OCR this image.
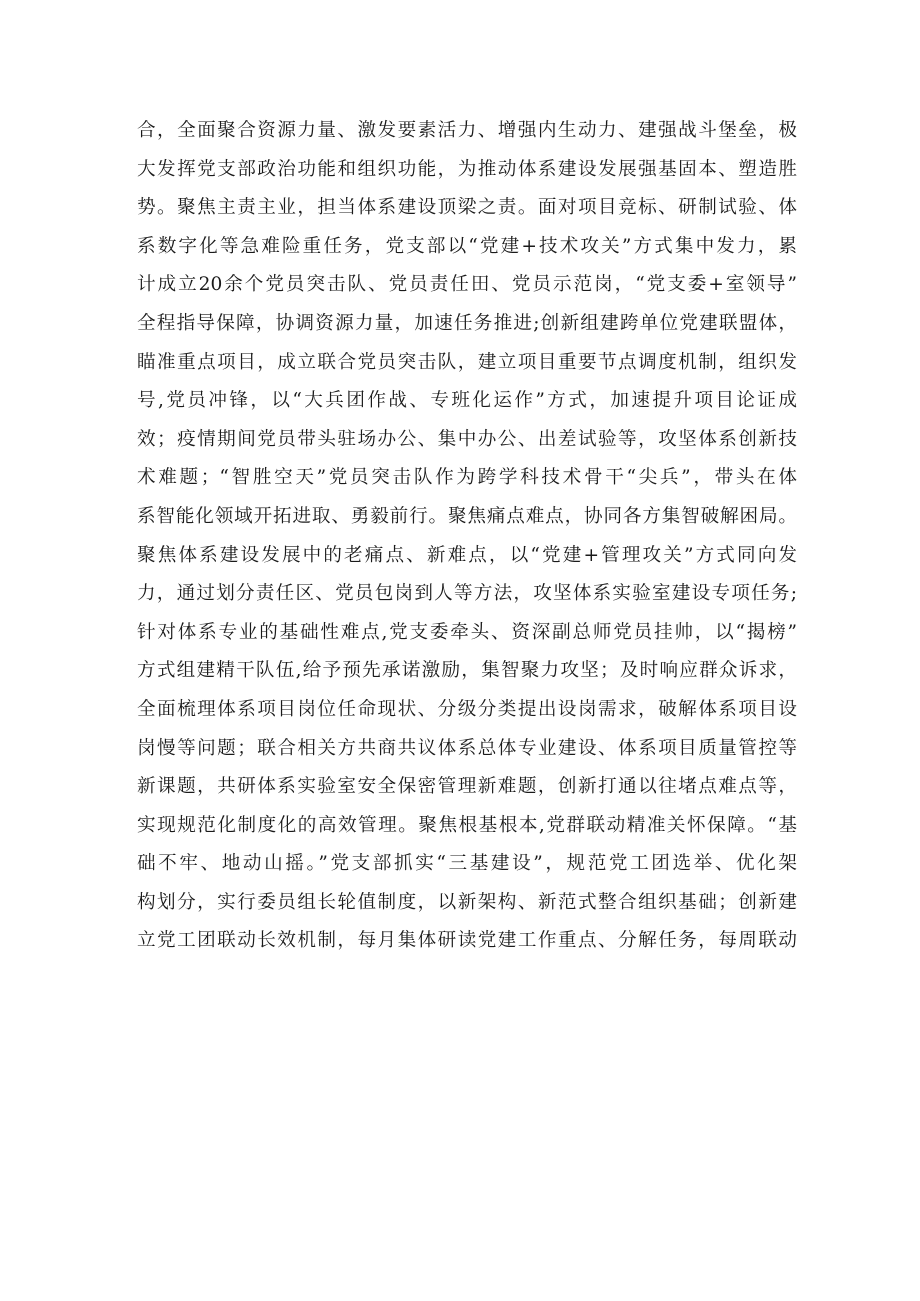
合，全面聚合资源力量、激发要素活力、增强内生动力、建强战斗堡垒，极
大发挥党支部政治功能和组织功能，为推动体系建设发展强基固本、塑造胜
势。聚焦主责主业，担当体系建设顶梁之责。面对项目竞标、研制试验、体
系数字化等急难险重任务，党支部以“党建+技术攻关”方式集中发力，累
计成立20余个党员突击队、党员责任田、党员示范岗，“党支委+室领导”
全程指导保障，协调资源力量，加速任务推进;创新组建跨单位党建联盟体，
瞄准重点项目，成立联合党员突击队，建立项目重要节点调度机制，组织发
号,党员冲锋，以“大兵团作战、专班化运作”方式，加速提升项目论证成
效；疫情期间党员带头驻场办公、集中办公、出差试验等，攻坚体系创新技
术难题；“智胜空天”党员突击队作为跨学科技术骨干“尖兵”，带头在体
系智能化领域开拓进取、勇毅前行。聚焦痛点难点，协同各方集智破解困局。
聚焦体系建设发展中的老痛点、新难点，以“党建+管理攻关”方式同向发
力，通过划分责任区、党员包岗到人等方法，攻坚体系实验室建设专项任务;
针对体系专业的基础性难点,党支委牵头、资深副总师党员挂帅，以“揭榜”
方式组建精干队伍,给予预先承诺激励，集智聚力攻坚；及时响应群众诉求，
全面梳理体系项目岗位任命现状、分级分类提出设岗需求，破解体系项目设
岗慢等问题；联合相关方共商共议体系总体专业建设、体系项目质量管控等
新课题，共研体系实验室安全保密管理新难题，创新打通以往堵点难点等，
实现规范化制度化的高效管理。聚焦根基根本,党群联动精准关怀保障。“基
础不牢、地动山摇。”党支部抓实“三基建设”，规范党工团选举、优化架
构划分，实行委员组长轮值制度，以新架构、新范式整合组织基础；创新建
立党工团联动长效机制，每月集体研读党建工作重点、分解任务，每周联动
